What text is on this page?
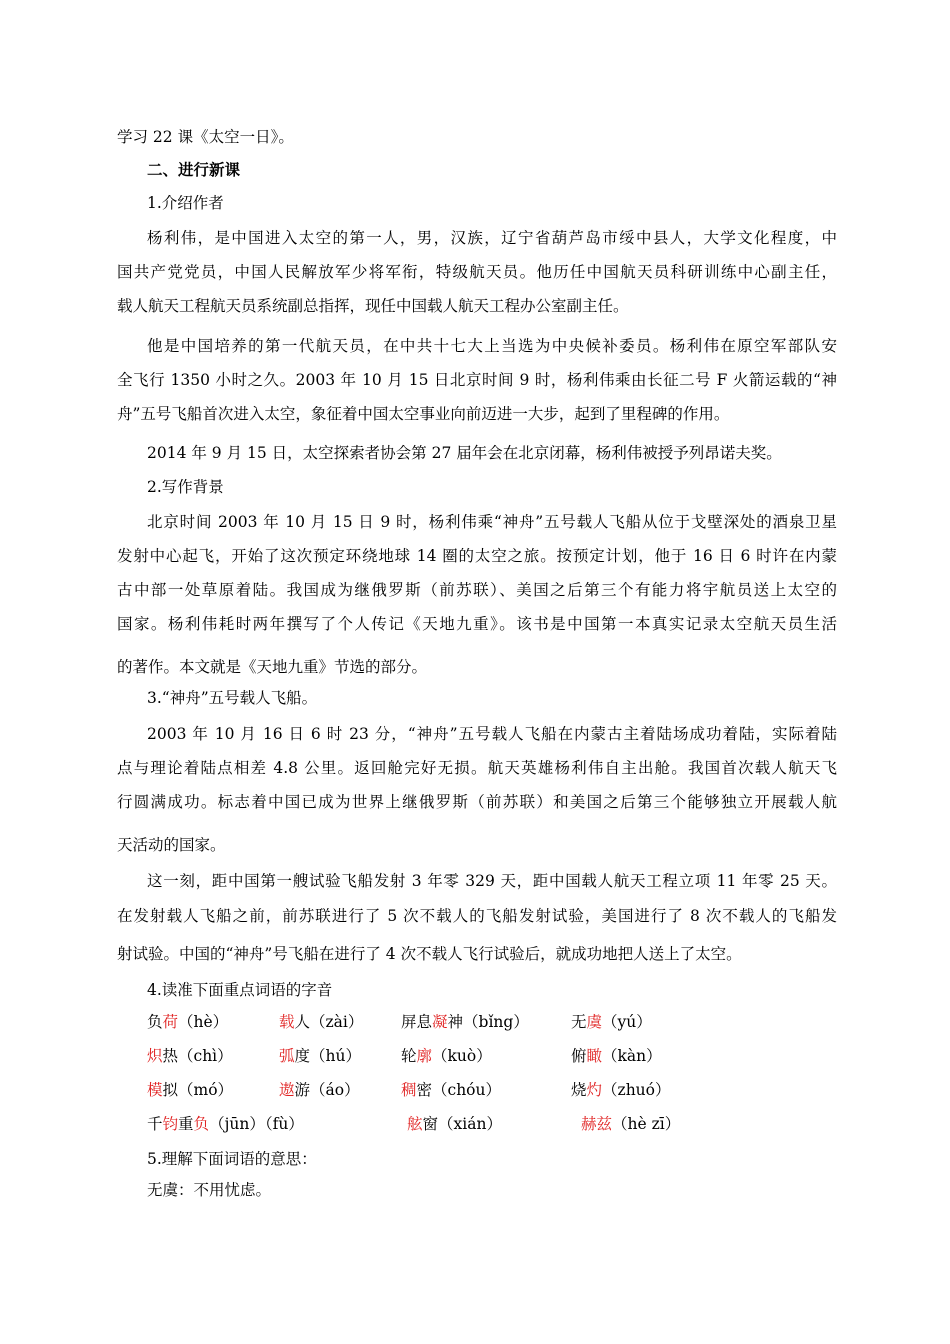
学习 22 课《太空一日》。
二、进行新课
1.介绍作者
杨利伟，是中国进入太空的第一人，男，汉族，辽宁省葫芦岛市绥中县人，大学文化程度，中
国共产党党员，中国人民解放军少将军衔，特级航天员。他历任中国航天员科研训练中心副主任，
载人航天工程航天员系统副总指挥，现任中国载人航天工程办公室副主任。
他是中国培养的第一代航天员，在中共十七大上当选为中央候补委员。杨利伟在原空军部队安
全飞行 1350 小时之久。2003 年 10 月 15 日北京时间 9 时，杨利伟乘由长征二号 F 火箭运载的“神
舟”五号飞船首次进入太空，象征着中国太空事业向前迈进一大步，起到了里程碑的作用。
2014 年 9 月 15 日，太空探索者协会第 27 届年会在北京闭幕，杨利伟被授予列昂诺夫奖。
2.写作背景
北京时间 2003 年 10 月 15 日 9 时，杨利伟乘“神舟”五号载人飞船从位于戈壁深处的酒泉卫星
发射中心起飞，开始了这次预定环绕地球 14 圈的太空之旅。按预定计划，他于 16 日 6 时许在内蒙
古中部一处草原着陆。我国成为继俄罗斯（前苏联）、美国之后第三个有能力将宇航员送上太空的
国家。杨利伟耗时两年撰写了个人传记《天地九重》。该书是中国第一本真实记录太空航天员生活
的著作。本文就是《天地九重》节选的部分。
3.“神舟”五号载人飞船。
2003 年 10 月 16 日 6 时 23 分，“神舟”五号载人飞船在内蒙古主着陆场成功着陆，实际着陆
点与理论着陆点相差 4.8 公里。返回舱完好无损。航天英雄杨利伟自主出舱。我国首次载人航天飞
行圆满成功。标志着中国已成为世界上继俄罗斯（前苏联）和美国之后第三个能够独立开展载人航
天活动的国家。
这一刻，距中国第一艘试验飞船发射 3 年零 329 天，距中国载人航天工程立项 11 年零 25 天。
在发射载人飞船之前，前苏联进行了 5 次不载人的飞船发射试验，美国进行了 8 次不载人的飞船发
射试验。中国的“神舟”号飞船在进行了 4 次不载人飞行试验后，就成功地把人送上了太空。
4.读准下面重点词语的字音
负荷（hè）	载人（zài） 屏息凝神（bǐng）	无虞（yú）
炽热（chì）	弧度（hú）	轮廓（kuò）	俯瞰（kàn）
模拟（mó）	遨游（áo）	稠密（chóu）	烧灼（zhuó）
千钧重负（jūn）（fù）	舷窗（xián）	赫兹（hè zī）
5.理解下面词语的意思：
无虞：不用忧虑。
